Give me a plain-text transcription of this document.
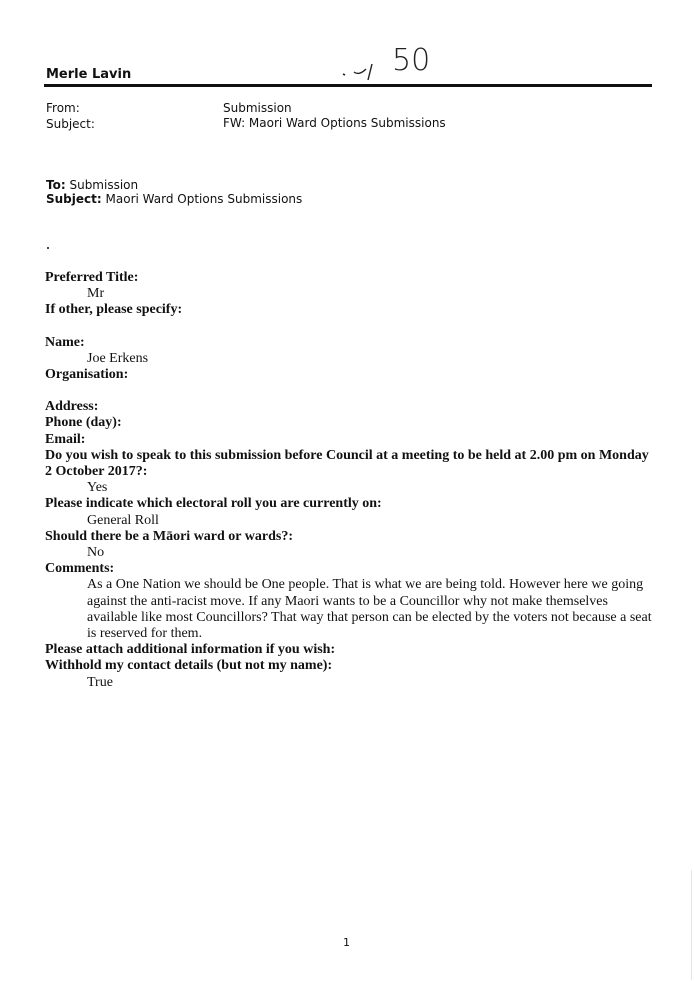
Merle Lavin	50
From:	Submission
Subject:	FW: Maori Ward Options Submissions
To: Submission
Subject: Maori Ward Options Submissions
Preferred Title:
Mr
If other, please specify:
Name:
Joe Erkens
Organisation:
Address:
Phone (day):
Email:
Do you wish to speak to this submission before Council at a meeting to be held at 2.00 pm on Monday 2 October 2017?:
Yes
Please indicate which electoral roll you are currently on:
General Roll
Should there be a Māori ward or wards?:
No
Comments:
As a One Nation we should be One people. That is what we are being told. However here we going against the anti-racist move. If any Maori wants to be a Councillor why not make themselves available like most Councillors? That way that person can be elected by the voters not because a seat is reserved for them.
Please attach additional information if you wish:
Withhold my contact details (but not my name):
True
1
